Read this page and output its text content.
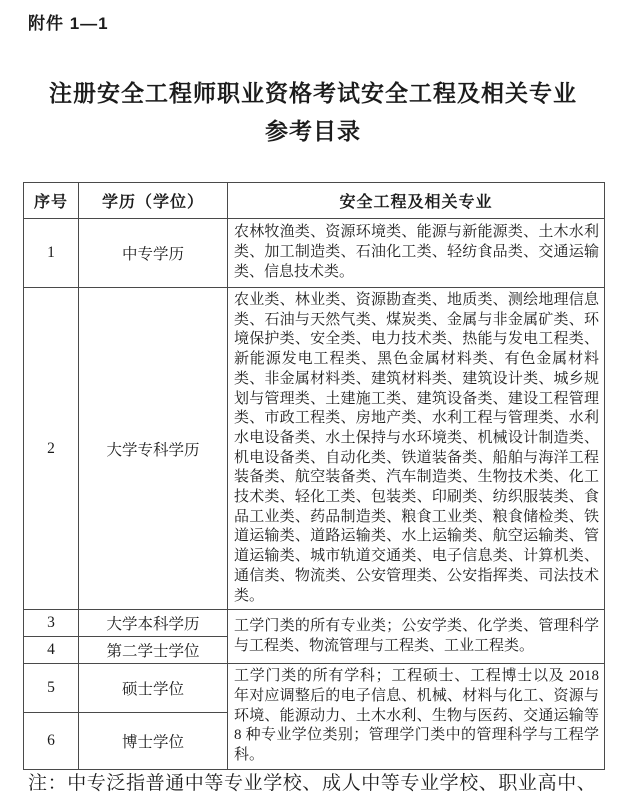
附件 1—1
注册安全工程师职业资格考试安全工程及相关专业
参考目录
序号	学历（学位）	安全工程及相关专业
1	中专学历	农林牧渔类、资源环境类、能源与新能源类、土木水利类、加工制造类、石油化工类、轻纺食品类、交通运输类、信息技术类。
2	大学专科学历	农业类、林业类、资源勘查类、地质类、测绘地理信息类、石油与天然气类、煤炭类、金属与非金属矿类、环境保护类、安全类、电力技术类、热能与发电工程类、新能源发电工程类、黑色金属材料类、有色金属材料类、非金属材料类、建筑材料类、建筑设计类、城乡规划与管理类、土建施工类、建筑设备类、建设工程管理类、市政工程类、房地产类、水利工程与管理类、水利水电设备类、水土保持与水环境类、机械设计制造类、机电设备类、自动化类、铁道装备类、船舶与海洋工程装备类、航空装备类、汽车制造类、生物技术类、化工技术类、轻化工类、包装类、印刷类、纺织服装类、食品工业类、药品制造类、粮食工业类、粮食储检类、铁道运输类、道路运输类、水上运输类、航空运输类、管道运输类、城市轨道交通类、电子信息类、计算机类、通信类、物流类、公安管理类、公安指挥类、司法技术类。
3	大学本科学历	工学门类的所有专业类；公安学类、化学类、管理科学与工程类、物流管理与工程类、工业工程类。
4	第二学士学位	
5	硕士学位	工学门类的所有学科；工程硕士、工程博士以及 2018 年对应调整后的电子信息、机械、材料与化工、资源与环境、能源动力、土木水利、生物与医药、交通运输等 8 种专业学位类别；管理学门类中的管理科学与工程学科。
6	博士学位	
注：中专泛指普通中等专业学校、成人中等专业学校、职业高中、
